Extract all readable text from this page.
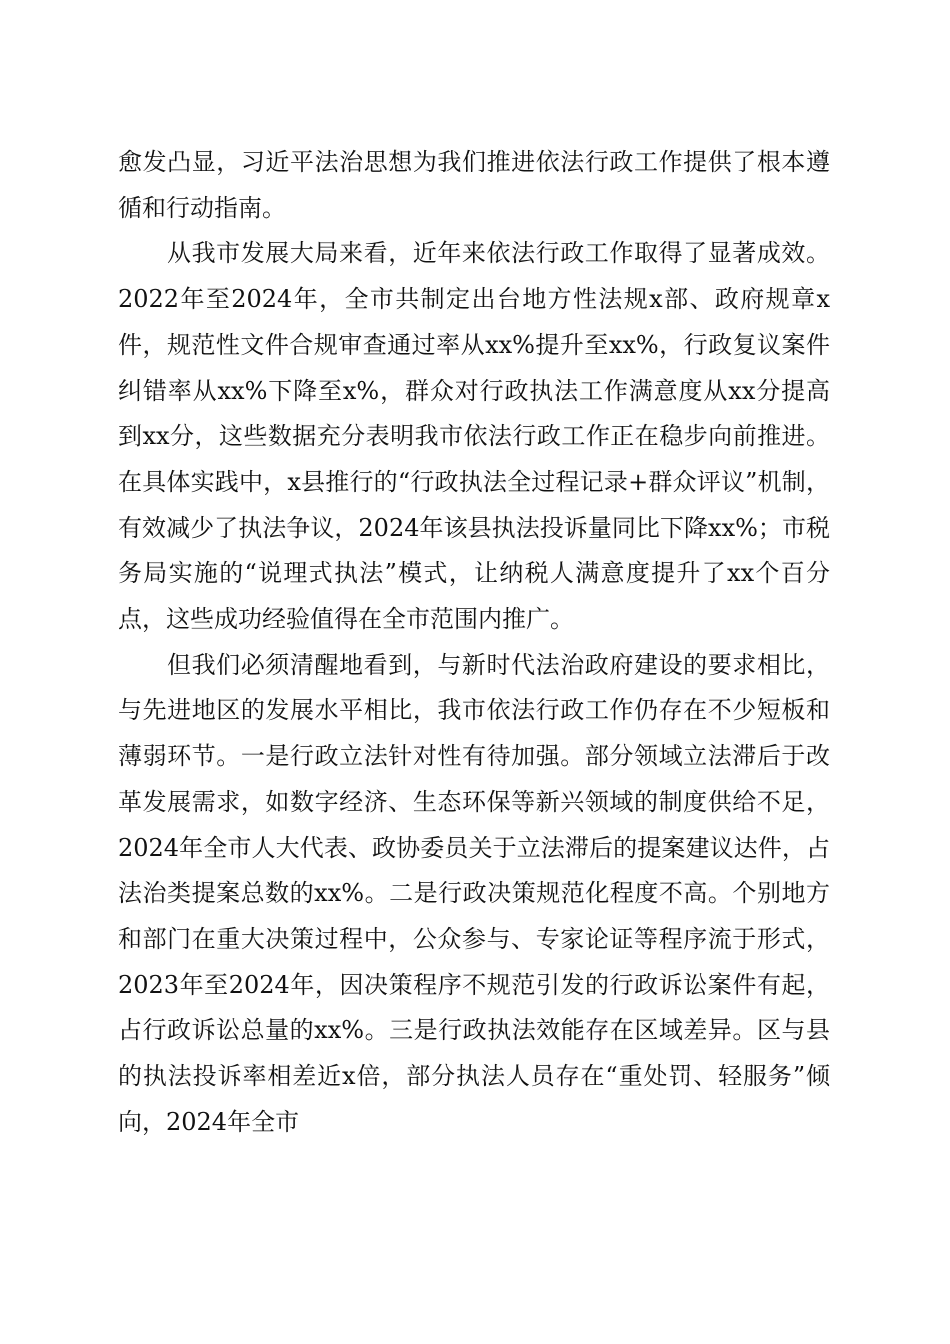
愈发凸显，习近平法治思想为我们推进依法行政工作提供了根本遵循和行动指南。

从我市发展大局来看，近年来依法行政工作取得了显著成效。2022年至2024年，全市共制定出台地方性法规x部、政府规章x件，规范性文件合规审查通过率从xx%提升至xx%，行政复议案件纠错率从xx%下降至x%，群众对行政执法工作满意度从xx分提高到xx分，这些数据充分表明我市依法行政工作正在稳步向前推进。在具体实践中，x县推行的“行政执法全过程记录+群众评议”机制，有效减少了执法争议，2024年该县执法投诉量同比下降xx%；市税务局实施的“说理式执法”模式，让纳税人满意度提升了xx个百分点，这些成功经验值得在全市范围内推广。

但我们必须清醒地看到，与新时代法治政府建设的要求相比，与先进地区的发展水平相比，我市依法行政工作仍存在不少短板和薄弱环节。一是行政立法针对性有待加强。部分领域立法滞后于改革发展需求，如数字经济、生态环保等新兴领域的制度供给不足，2024年全市人大代表、政协委员关于立法滞后的提案建议达件，占法治类提案总数的xx%。二是行政决策规范化程度不高。个别地方和部门在重大决策过程中，公众参与、专家论证等程序流于形式，2023年至2024年，因决策程序不规范引发的行政诉讼案件有起，占行政诉讼总量的xx%。三是行政执法效能存在区域差异。区与县的执法投诉率相差近x倍，部分执法人员存在“重处罚、轻服务”倾向，2024年全市
